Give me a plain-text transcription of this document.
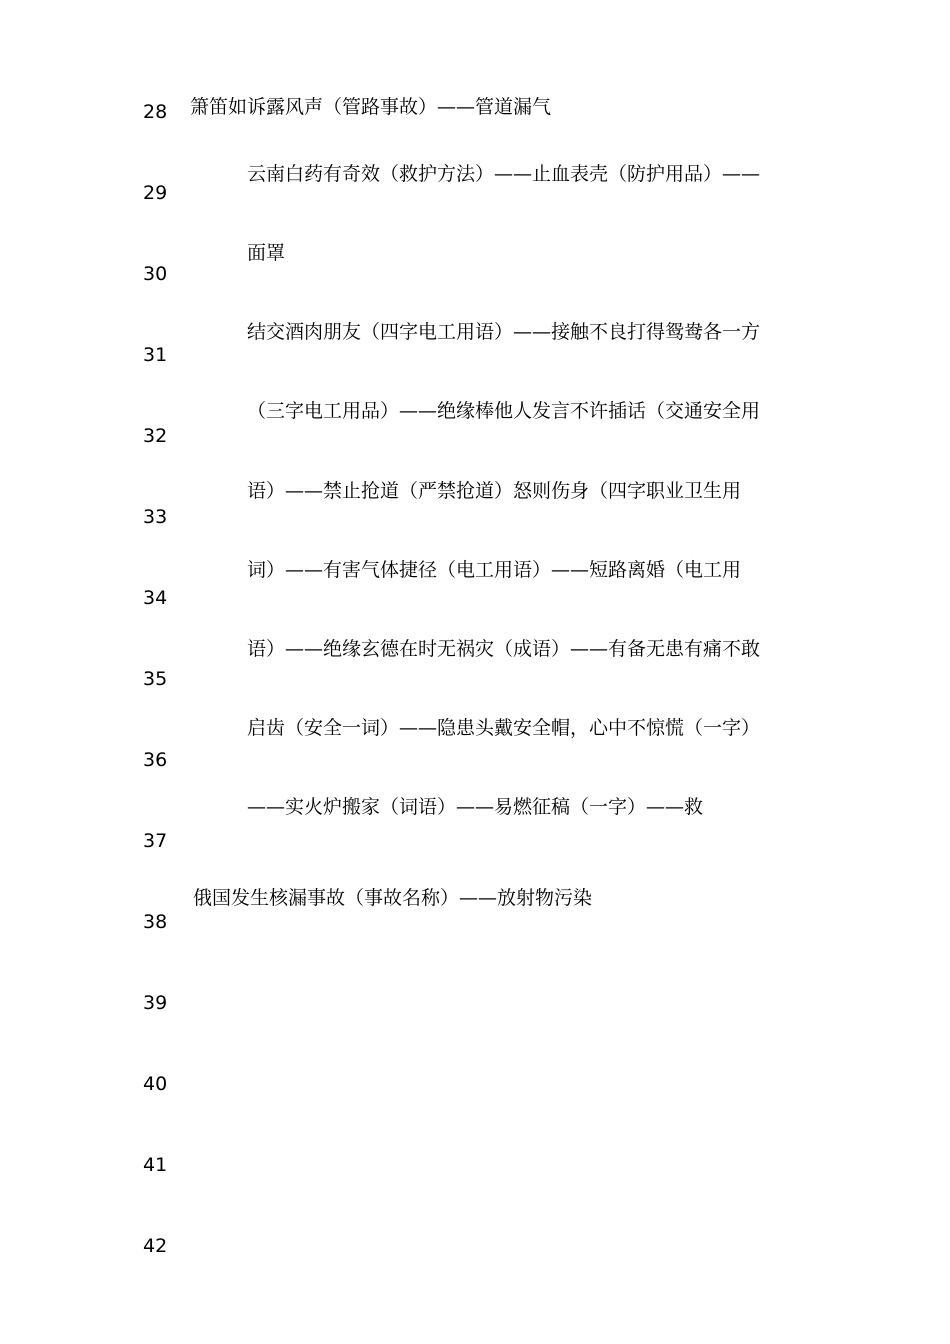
28
29
30
31
32
33
34
35
36
37
38
39
40
41
42
箫笛如诉露风声（管路事故）——管道漏气
云南白药有奇效（救护方法）——止血表壳（防护用品）——
面罩
结交酒肉朋友（四字电工用语）——接触不良打得鸳鸯各一方
（三字电工用品）——绝缘棒他人发言不许插话（交通安全用
语）——禁止抢道（严禁抢道）怒则伤身（四字职业卫生用
词）——有害气体捷径（电工用语）——短路离婚（电工用
语）——绝缘玄德在时无祸灾（成语）——有备无患有痛不敢
启齿（安全一词）——隐患头戴安全帽，心中不惊慌（一字）
——实火炉搬家（词语）——易燃征稿（一字）——救
俄国发生核漏事故（事故名称）——放射物污染
